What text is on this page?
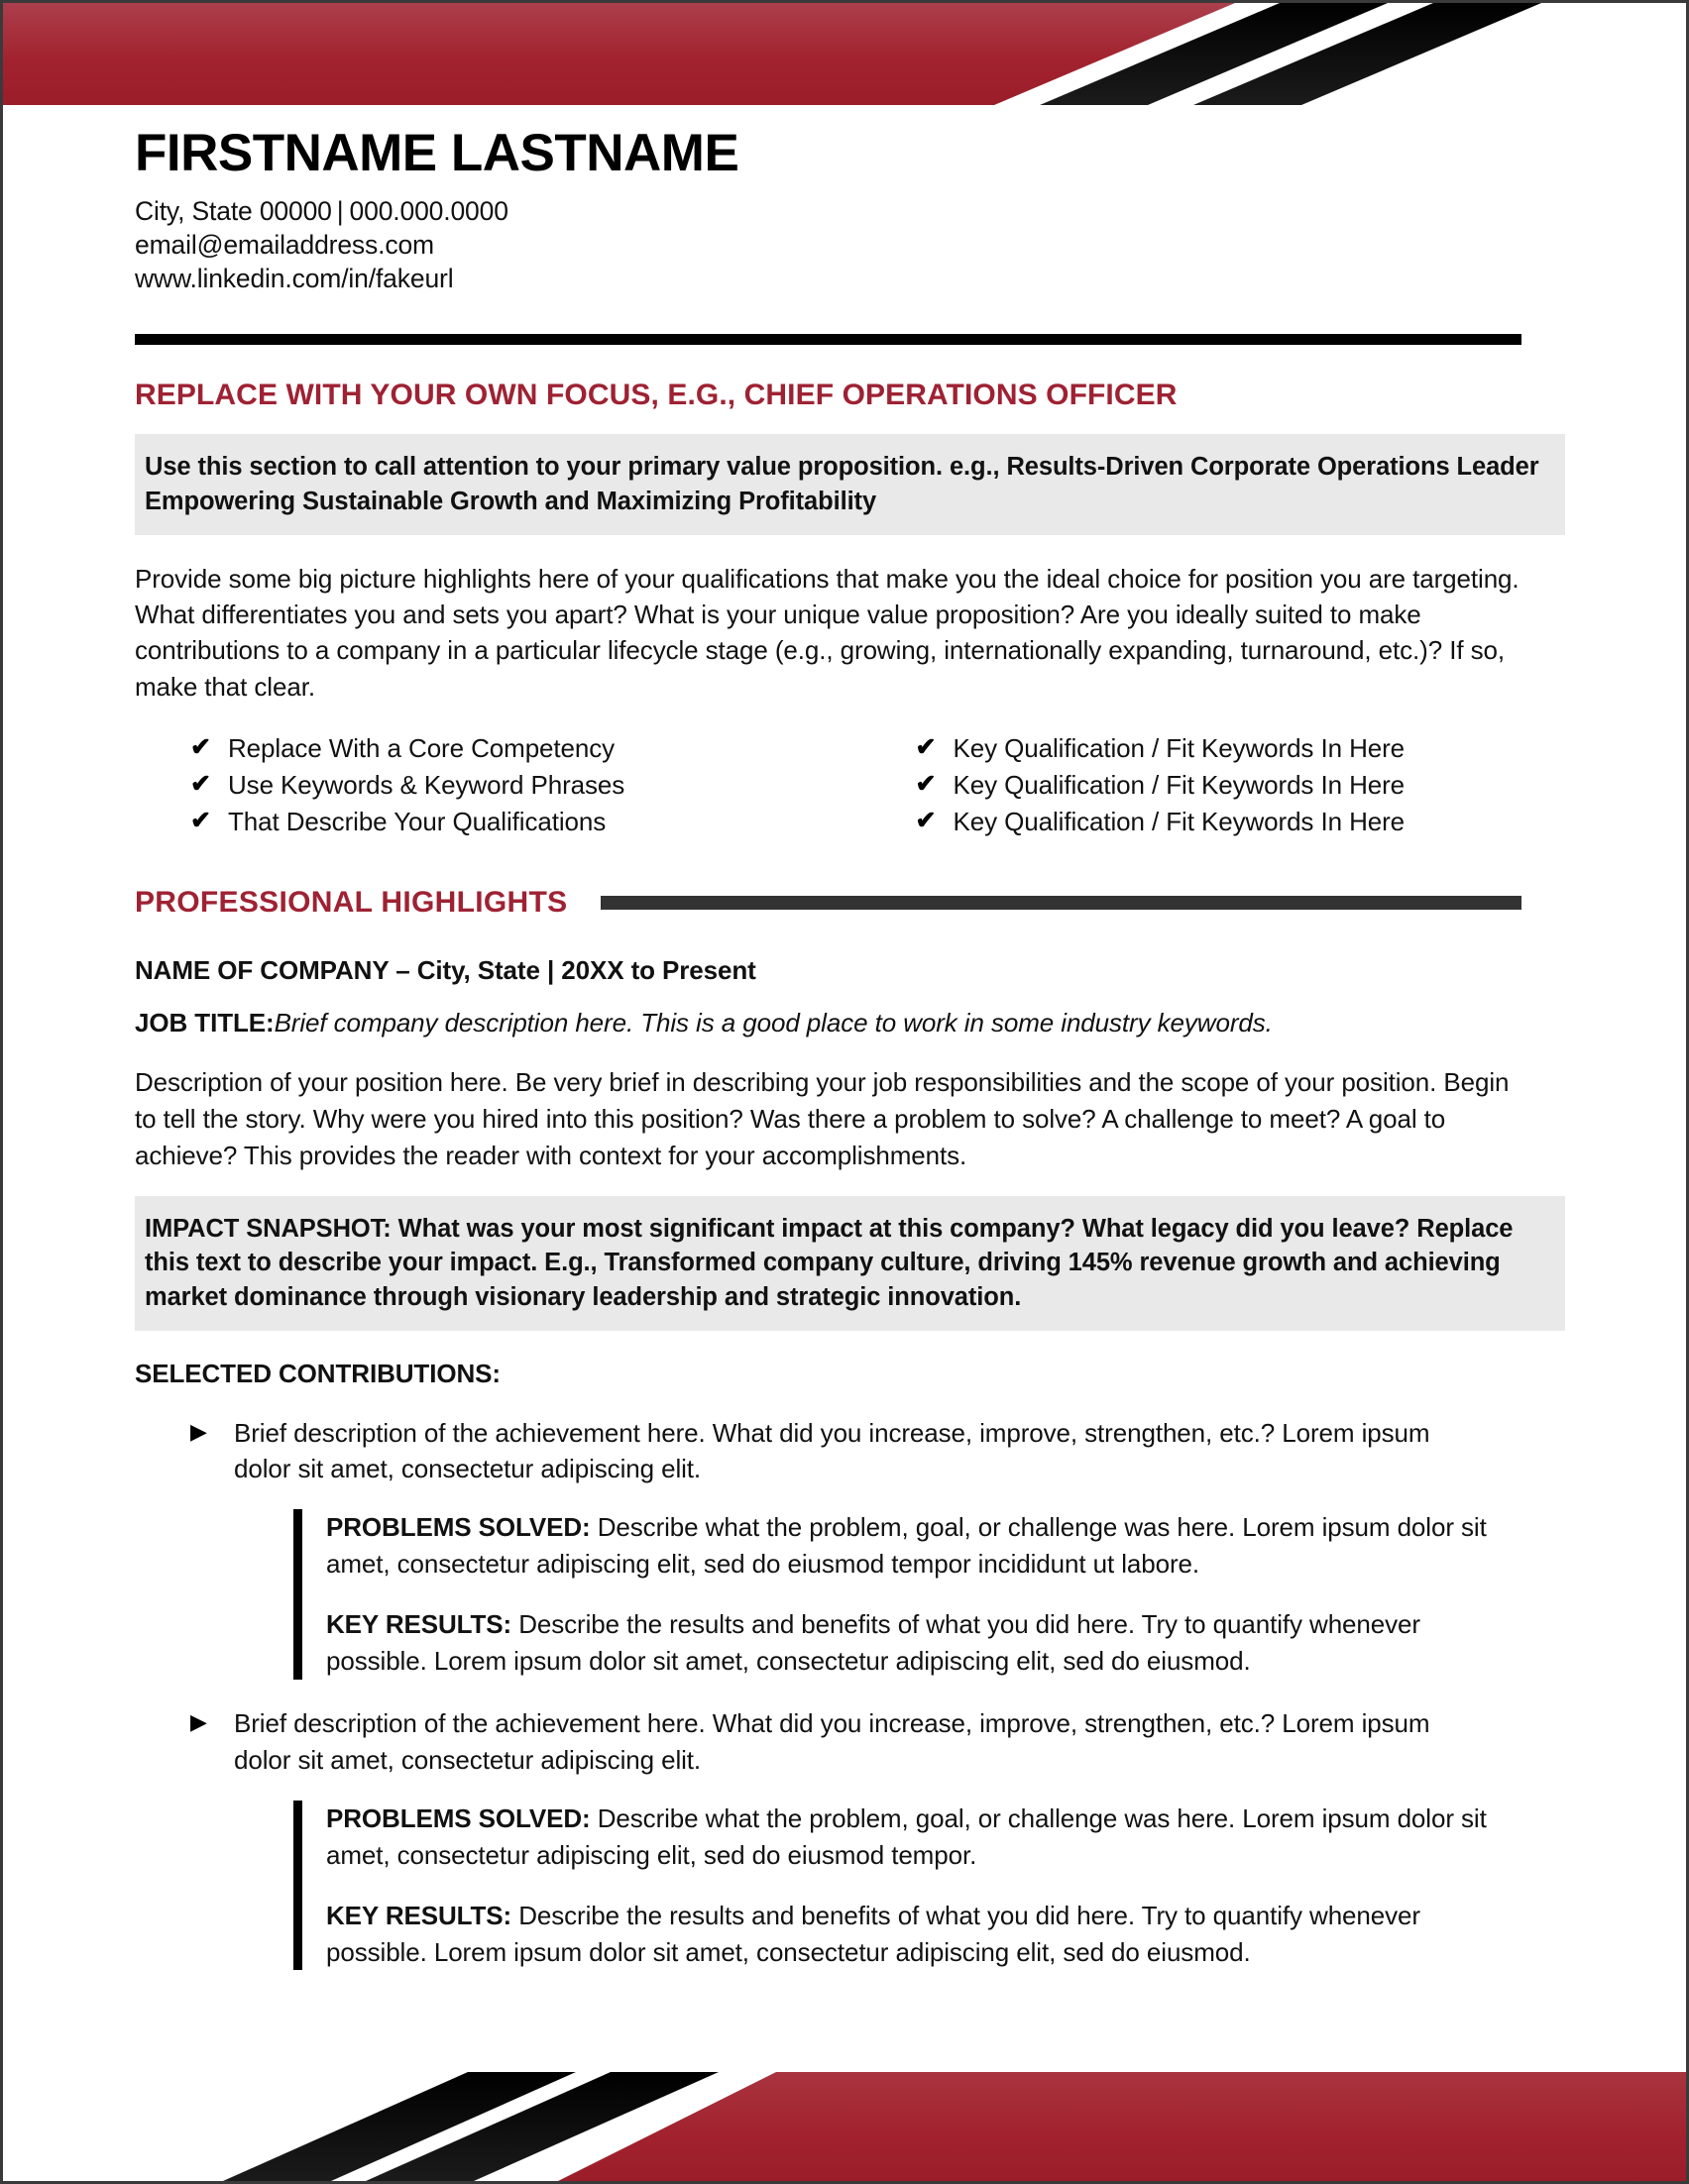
FIRSTNAME LASTNAME

City, State 00000 | 000.000.0000

email@emailaddress.com

www.linkedin.com/in/fakeurl

REPLACE WITH YOUR OWN FOCUS, E.G., CHIEF OPERATIONS OFFICER

Use this section to call attention to your primary value proposition. e.g., Results-Driven Corporate Operations Leader Empowering Sustainable Growth and Maximizing Profitability

Provide some big picture highlights here of your qualifications that make you the ideal choice for position you are targeting. What differentiates you and sets you apart? What is your unique value proposition? Are you ideally suited to make contributions to a company in a particular lifecycle stage (e.g., growing, internationally expanding, turnaround, etc.)? If so, make that clear.

✔ Replace With a Core Competency
✔ Use Keywords & Keyword Phrases
✔ That Describe Your Qualifications
✔ Key Qualification / Fit Keywords In Here
✔ Key Qualification / Fit Keywords In Here
✔ Key Qualification / Fit Keywords In Here
PROFESSIONAL HIGHLIGHTS

NAME OF COMPANY – City, State | 20XX to Present

JOB TITLE:Brief company description here. This is a good place to work in some industry keywords.

Description of your position here. Be very brief in describing your job responsibilities and the scope of your position. Begin to tell the story. Why were you hired into this position? Was there a problem to solve? A challenge to meet? A goal to achieve? This provides the reader with context for your accomplishments.

IMPACT SNAPSHOT: What was your most significant impact at this company? What legacy did you leave? Replace this text to describe your impact. E.g., Transformed company culture, driving 145% revenue growth and achieving market dominance through visionary leadership and strategic innovation.

SELECTED CONTRIBUTIONS:

▶	Brief description of the achievement here. What did you increase, improve, strengthen, etc.? Lorem ipsum dolor sit amet, consectetur adipiscing elit.

PROBLEMS SOLVED: Describe what the problem, goal, or challenge was here. Lorem ipsum dolor sit amet, consectetur adipiscing elit, sed do eiusmod tempor incididunt ut labore.

KEY RESULTS: Describe the results and benefits of what you did here. Try to quantify whenever possible. Lorem ipsum dolor sit amet, consectetur adipiscing elit, sed do eiusmod.

▶	Brief description of the achievement here. What did you increase, improve, strengthen, etc.? Lorem ipsum dolor sit amet, consectetur adipiscing elit.

PROBLEMS SOLVED: Describe what the problem, goal, or challenge was here. Lorem ipsum dolor sit amet, consectetur adipiscing elit, sed do eiusmod tempor.

KEY RESULTS: Describe the results and benefits of what you did here. Try to quantify whenever possible. Lorem ipsum dolor sit amet, consectetur adipiscing elit, sed do eiusmod.
